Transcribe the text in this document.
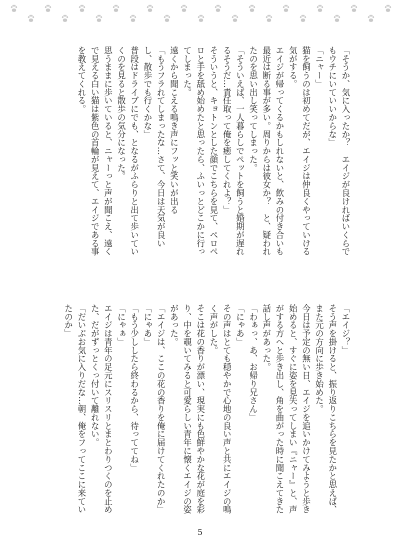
「そうか、気に入ったか？　エイジが良ければいくらでもウチにいていいからな」

「ニャー」

猫を飼うのは初めてだが、エイジは仲良くやっていける気がする。

エイジが帰ってくるかもしれないと、飲みの付き合いも最近は断る事が多い。周りからは彼女か？　と、疑われたのを思い出し笑ってしまった。

「そういえば、一人暮らしでペットを飼うと婚期が遅れるそうだ…責任取って俺を癒してくれよ？」

そういうと、キョトンとした顔でこちらを見て、ペロペロと手を舐め始めたと思ったら、ふいっとどこかに行ってしまった。

遠くから聞こえる鳴き声にフッと笑いが出る

「もうフラれてしまったな…さて、今日は天気が良いし、散歩でも行くかな」

普段はドライブにでも、となるがふらりと出て歩いていくのを見ると散歩の気分になった。

思うままに歩いていると、ニャーっと声が聞こえ、遠くで見える白い猫は紫色の首輪が見えて、エイジである事を教えてくれる。

「エイジ？」

そう声を掛けると、振り返りこちらを見たかと思えば、また元の方向に歩き始めた。

今日は予定の無い日、エイジを追いかけてみようと歩き始めると、すぐに姿を見失ってしまい『ニャー』と、声がする方へと歩き出し、角を曲がった時に聞こえてきた話し声があった。

「わぁっ、あ、お帰り兄さん」

「にゃあ」

その声はとても穏やかで心地の良い声と共にエイジの鳴く声がした。

そこは花の香りが漂い、現実にも色鮮やかな花が庭を彩り、中を覗いてみると可愛らしい青年に懐くエイジの姿があった。

「エイジは、ここの花の香りを俺に届けてくれたのか」

「にゃあ」

「もう少ししたら終わるから、待っててね」

「にゃぁ」

エイジは青年の足元にスリスリとまとわりつくのを止めた、だがずっとくっ付いて離れない。

「だいぶお気に入りだな…朝、俺をフってここに来ていたのか」

5
